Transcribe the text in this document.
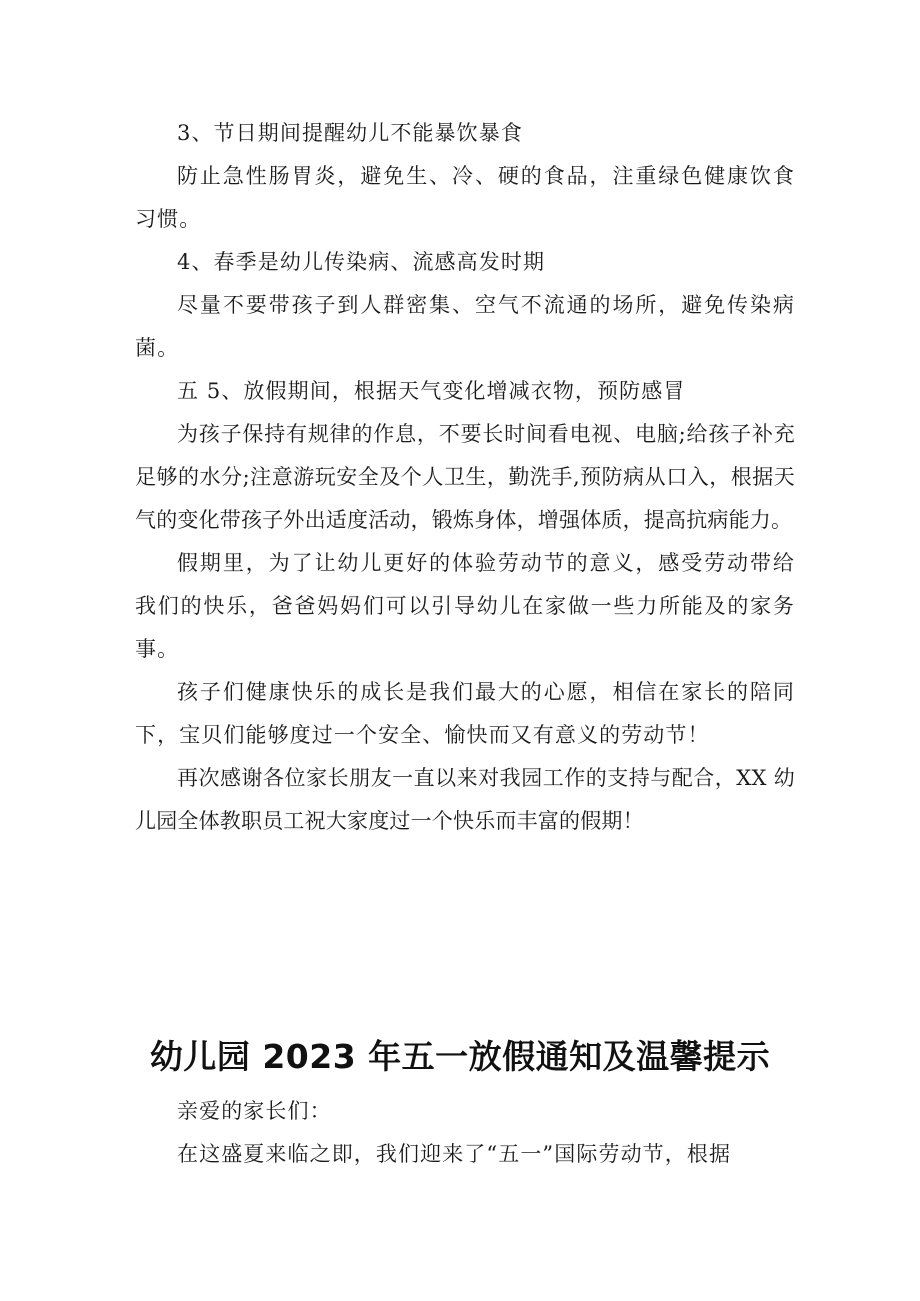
3、节日期间提醒幼儿不能暴饮暴食

防止急性肠胃炎，避免生、冷、硬的食品，注重绿色健康饮食习惯。

4、春季是幼儿传染病、流感高发时期

尽量不要带孩子到人群密集、空气不流通的场所，避免传染病菌。

五 5、放假期间，根据天气变化增减衣物，预防感冒

为孩子保持有规律的作息，不要长时间看电视、电脑;给孩子补充足够的水分;注意游玩安全及个人卫生，勤洗手,预防病从口入，根据天气的变化带孩子外出适度活动，锻炼身体，增强体质，提高抗病能力。

假期里，为了让幼儿更好的体验劳动节的意义，感受劳动带给我们的快乐，爸爸妈妈们可以引导幼儿在家做一些力所能及的家务事。

孩子们健康快乐的成长是我们最大的心愿，相信在家长的陪同下，宝贝们能够度过一个安全、愉快而又有意义的劳动节！

再次感谢各位家长朋友一直以来对我园工作的支持与配合，XX 幼儿园全体教职员工祝大家度过一个快乐而丰富的假期！

幼儿园 2023 年五一放假通知及温馨提示

亲爱的家长们：

在这盛夏来临之即，我们迎来了“五一”国际劳动节，根据
